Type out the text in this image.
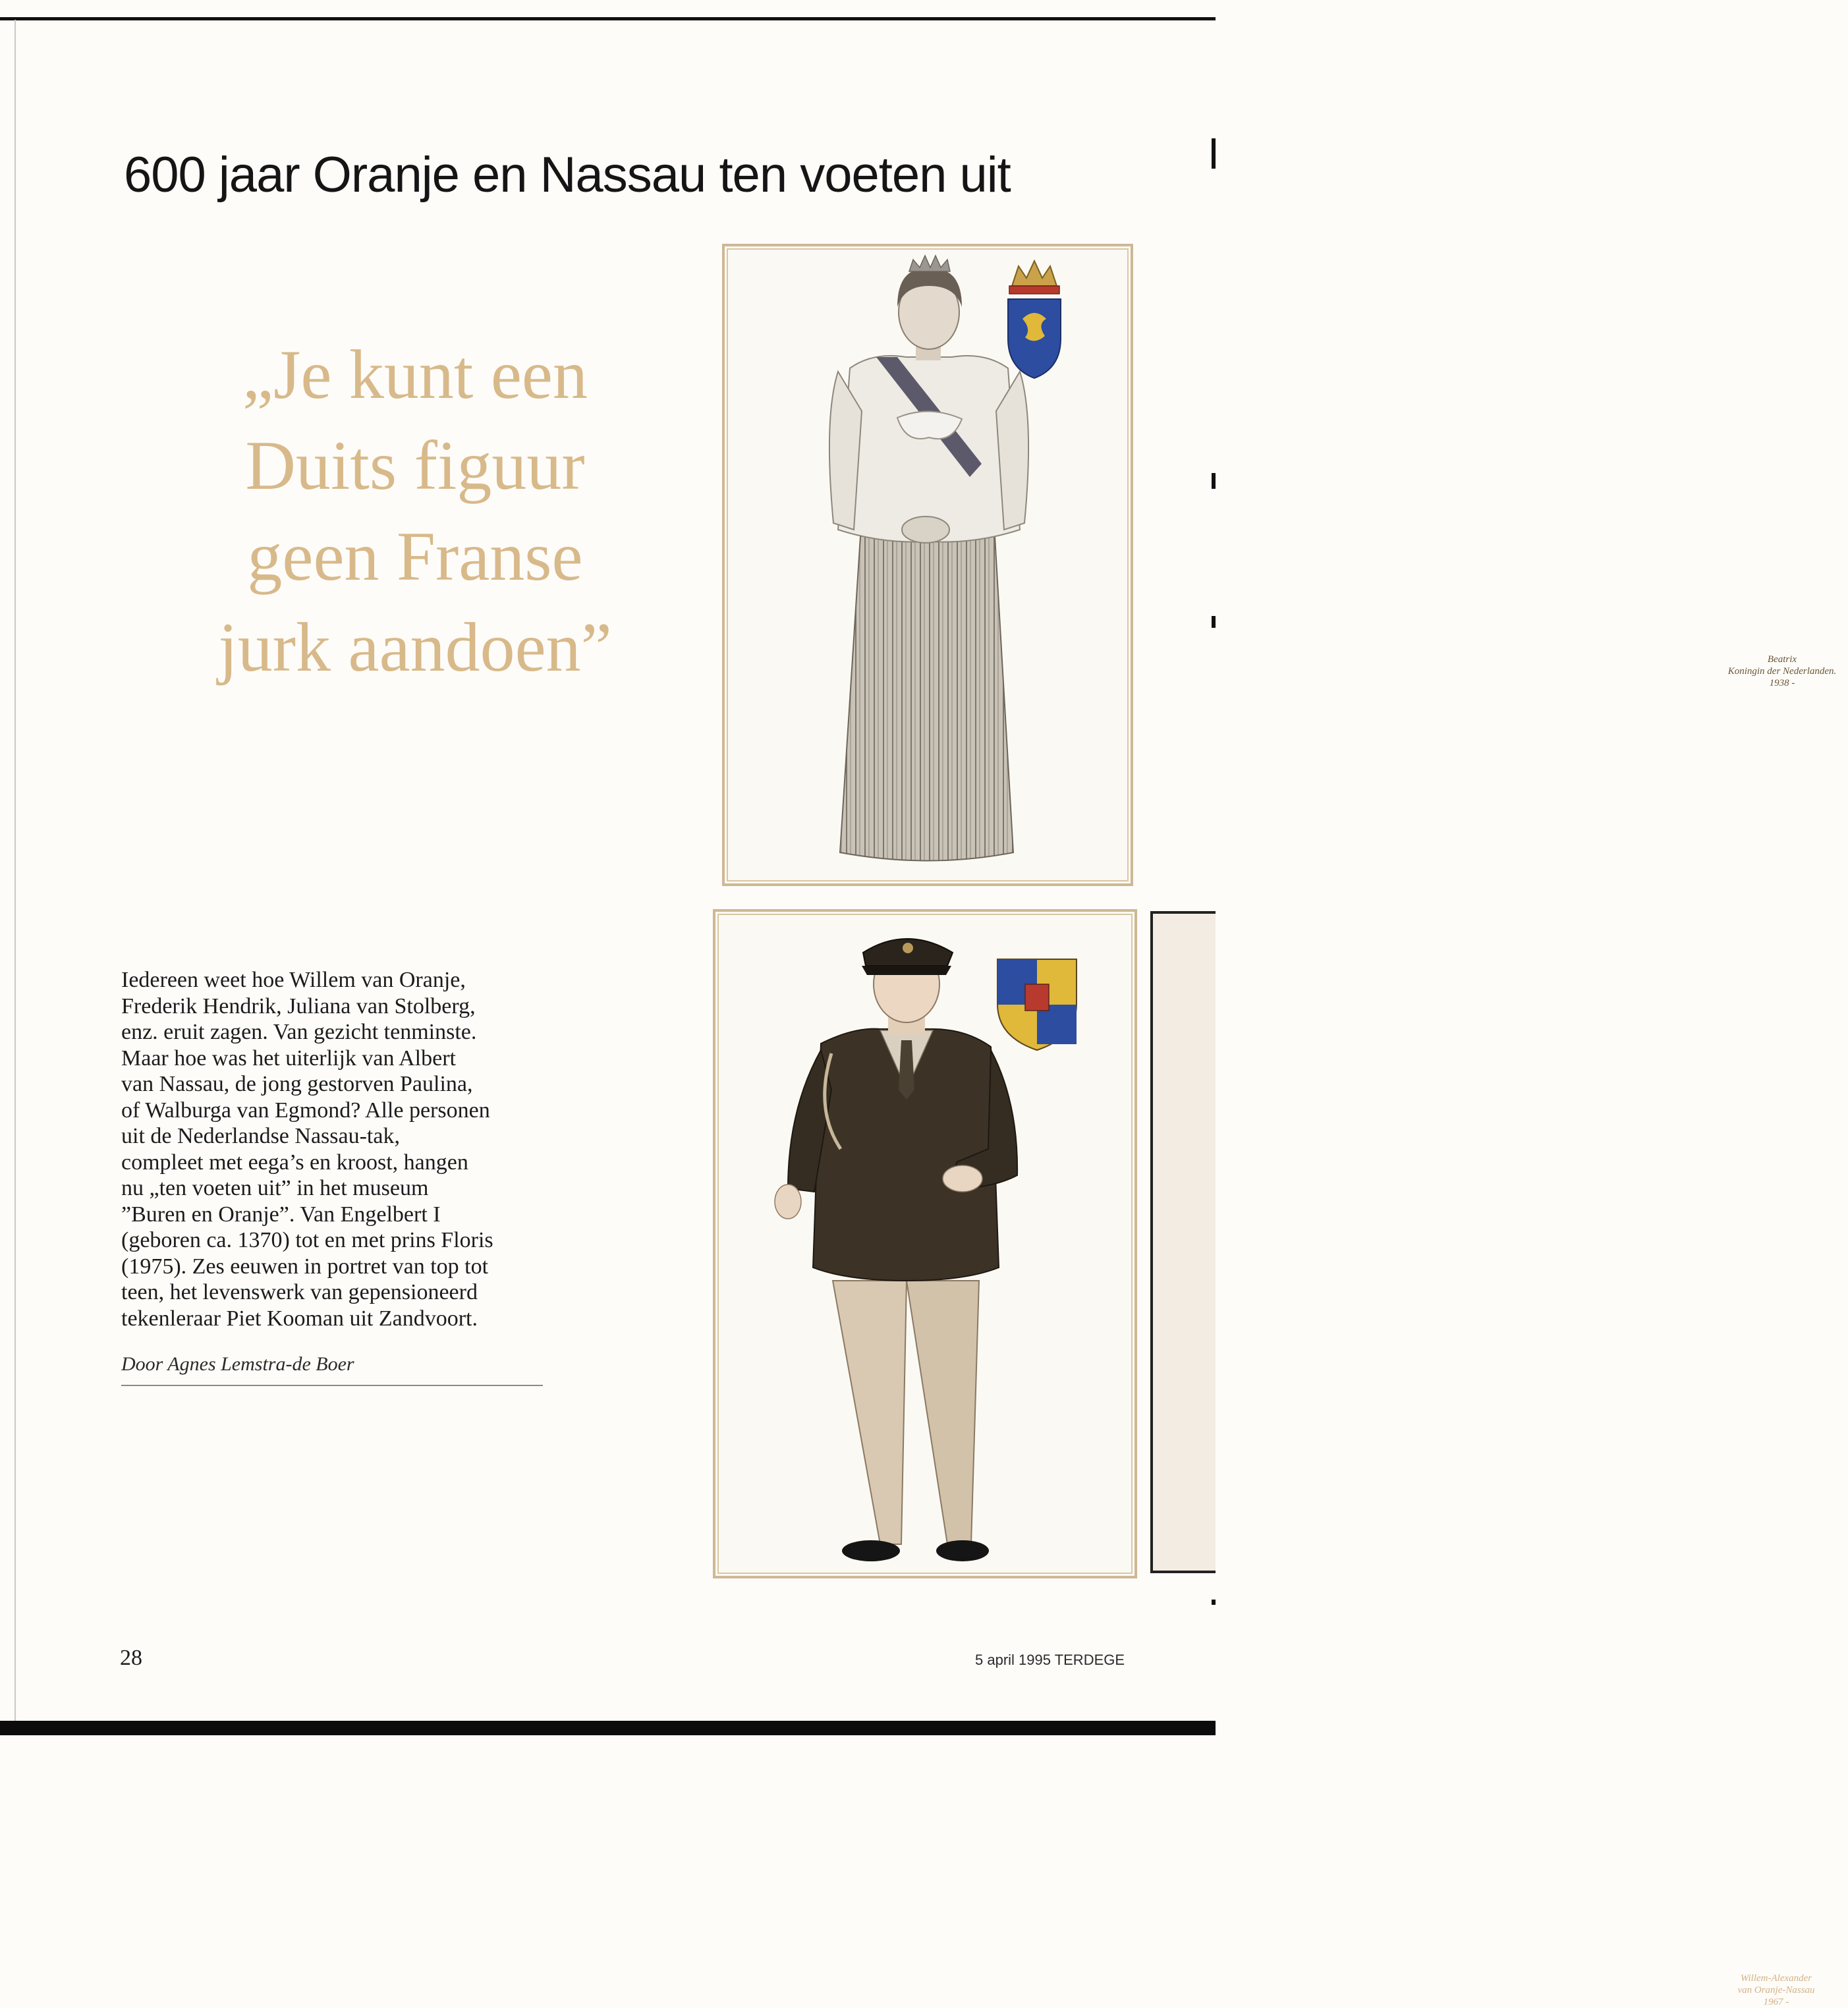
600 jaar Oranje en Nassau ten voeten uit
„Je kunt een
Duits figuur
geen Franse
jurk aandoen”	Beatrix
Koningin der Nederlanden.
1938 -
Willem-Alexander
van Oranje-Nassau
1967 -
Iedereen weet hoe Willem van Oranje,
Frederik Hendrik, Juliana van Stolberg,
enz. eruit zagen. Van gezicht tenminste.
Maar hoe was het uiterlijk van Albert
van Nassau, de jong gestorven Paulina,
of Walburga van Egmond? Alle personen
uit de Nederlandse Nassau-tak,
compleet met eega’s en kroost, hangen
nu „ten voeten uit” in het museum
”Buren en Oranje”. Van Engelbert I
(geboren ca. 1370) tot en met prins Floris
(1975). Zes eeuwen in portret van top tot
teen, het levenswerk van gepensioneerd
tekenleraar Piet Kooman uit Zandvoort.

Door Agnes Lemstra-de Boer

28	5 april 1995 TERDEGE
